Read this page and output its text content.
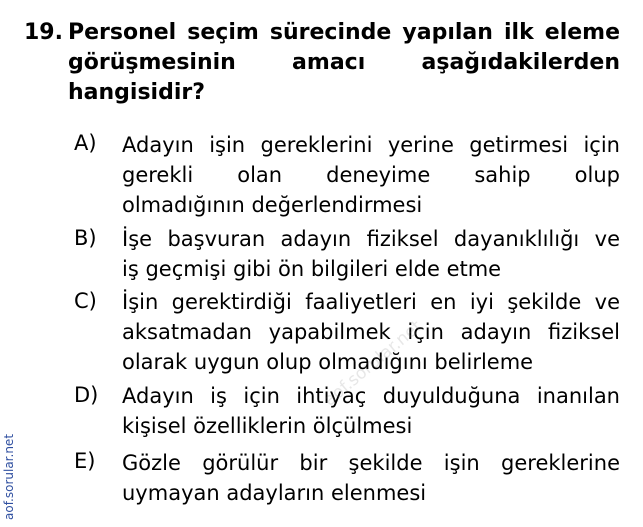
19. Personel seçim sürecinde yapılan ilk eleme
görüşmesinin amacı aşağıdakilerden
hangisidir?
A) Adayın işin gereklerini yerine getirmesi için
gerekli olan deneyime sahip olup
olmadığının değerlendirmesi
B) İşe başvuran adayın fiziksel dayanıklılığı ve
iş geçmişi gibi ön bilgileri elde etme
C) İşin gerektirdiği faaliyetleri en iyi şekilde ve
aksatmadan yapabilmek için adayın fiziksel
olarak uygun olup olmadığını belirleme
D) Adayın iş için ihtiyaç duyulduğuna inanılan
kişisel özelliklerin ölçülmesi
E) Gözle görülür bir şekilde işin gereklerine
uymayan adayların elenmesi
aof.sorular.net
aof.sorular.net
